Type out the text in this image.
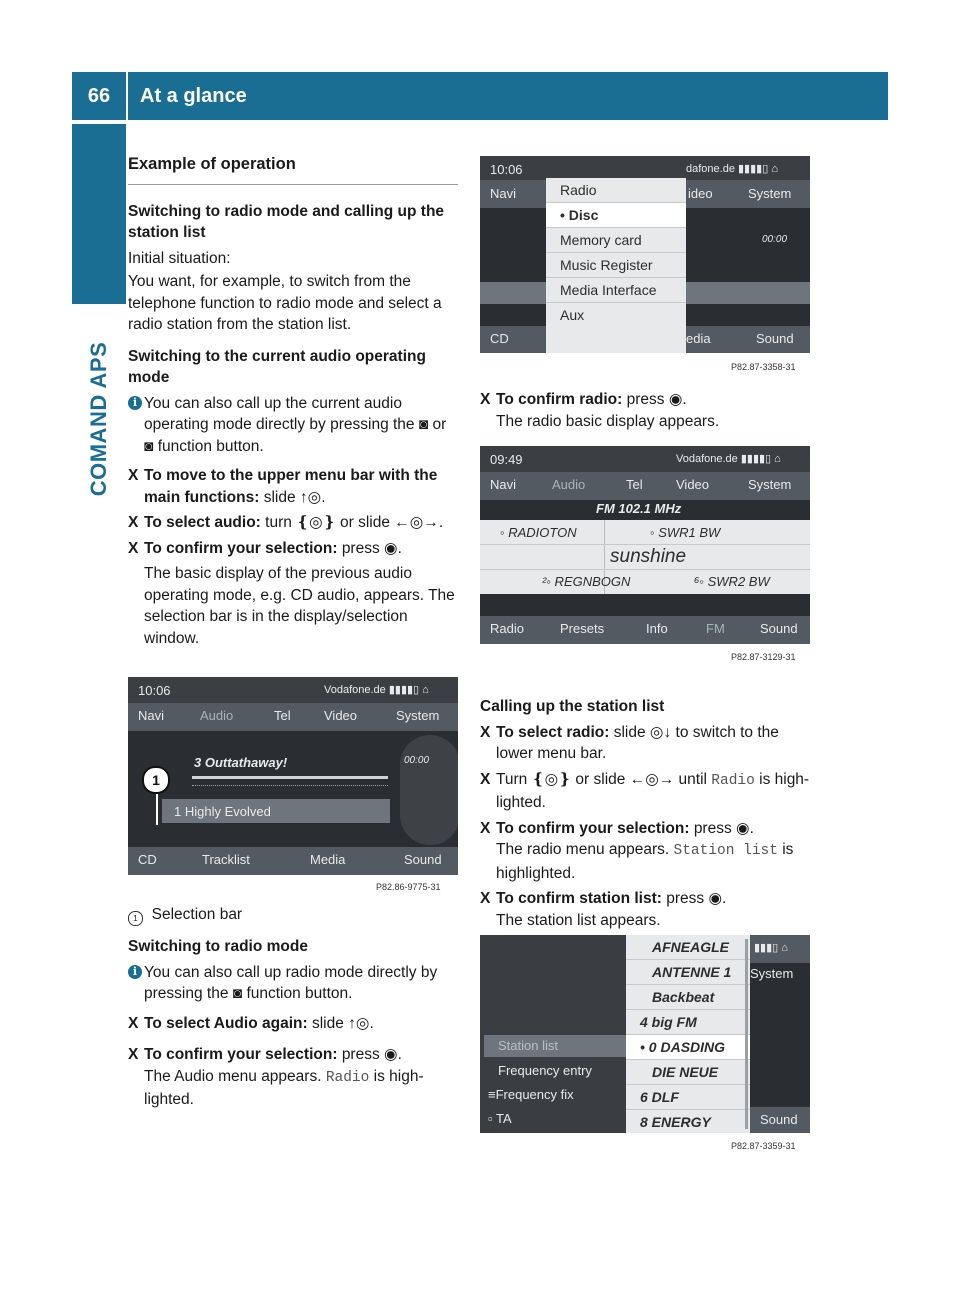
66	At a glance
COMAND APS

Example of operation

Switching to radio mode and calling up the station list

Initial situation:

You want, for example, to switch from the telephone function to radio mode and select a radio station from the station list.

Switching to the current audio operating mode

i You can also call up the current audio operating mode directly by pressing the ◙ or ◙ function button.

X To move to the upper menu bar with the main functions: slide ↑◎.

X To select audio: turn ❴◎❵ or slide ←◎→.

X To confirm your selection: press ◉.

The basic display of the previous audio operating mode, e.g. CD audio, appears. The selection bar is in the display/selection window.

10:06	Vodafone.de ▮▮▮▮▯ ⌂
Navi	Audio	Tel	Video	System
3 Outtathaway!	00:00
1 Highly Evolved
CD	Tracklist	Media	Sound
1
P82.86-9775-31

1 Selection bar

Switching to radio mode

i You can also call up radio mode directly by pressing the ◙ function button.

X To select Audio again: slide ↑◎.

X To confirm your selection: press ◉.
The Audio menu appears. Radio is high-lighted.

10:06	dafone.de ▮▮▮▮▯ ⌂
Navi	ideo	System
00:00
CD	edia	Sound
Radio
• Disc
Memory card
Music Register
Media Interface
Aux
P82.87-3358-31

X To confirm radio: press ◉.
The radio basic display appears.

09:49	Vodafone.de ▮▮▮▮▯ ⌂
Navi	Audio	Tel	Video	System
FM 102.1 MHz
◦ RADIOTON	◦ SWR1 BW
sunshine
²◦ REGNBOGN	⁶◦ SWR2 BW
Radio	Presets	Info	FM	Sound
P82.87-3129-31

Calling up the station list

X To select radio: slide ◎↓ to switch to the lower menu bar.

X Turn ❴◎❵ or slide ←◎→ until Radio is high-lighted.

X To confirm your selection: press ◉.
The radio menu appears. Station list is highlighted.

X To confirm station list: press ◉.
The station list appears.

Station list
Frequency entry
≡Frequency fix
▫ TA
▮▮▮▯ ⌂
System
Sound
AFNEAGLE
ANTENNE 1
Backbeat
4 big FM
• 0 DASDING
DIE NEUE
6 DLF
8 ENERGY
P82.87-3359-31
